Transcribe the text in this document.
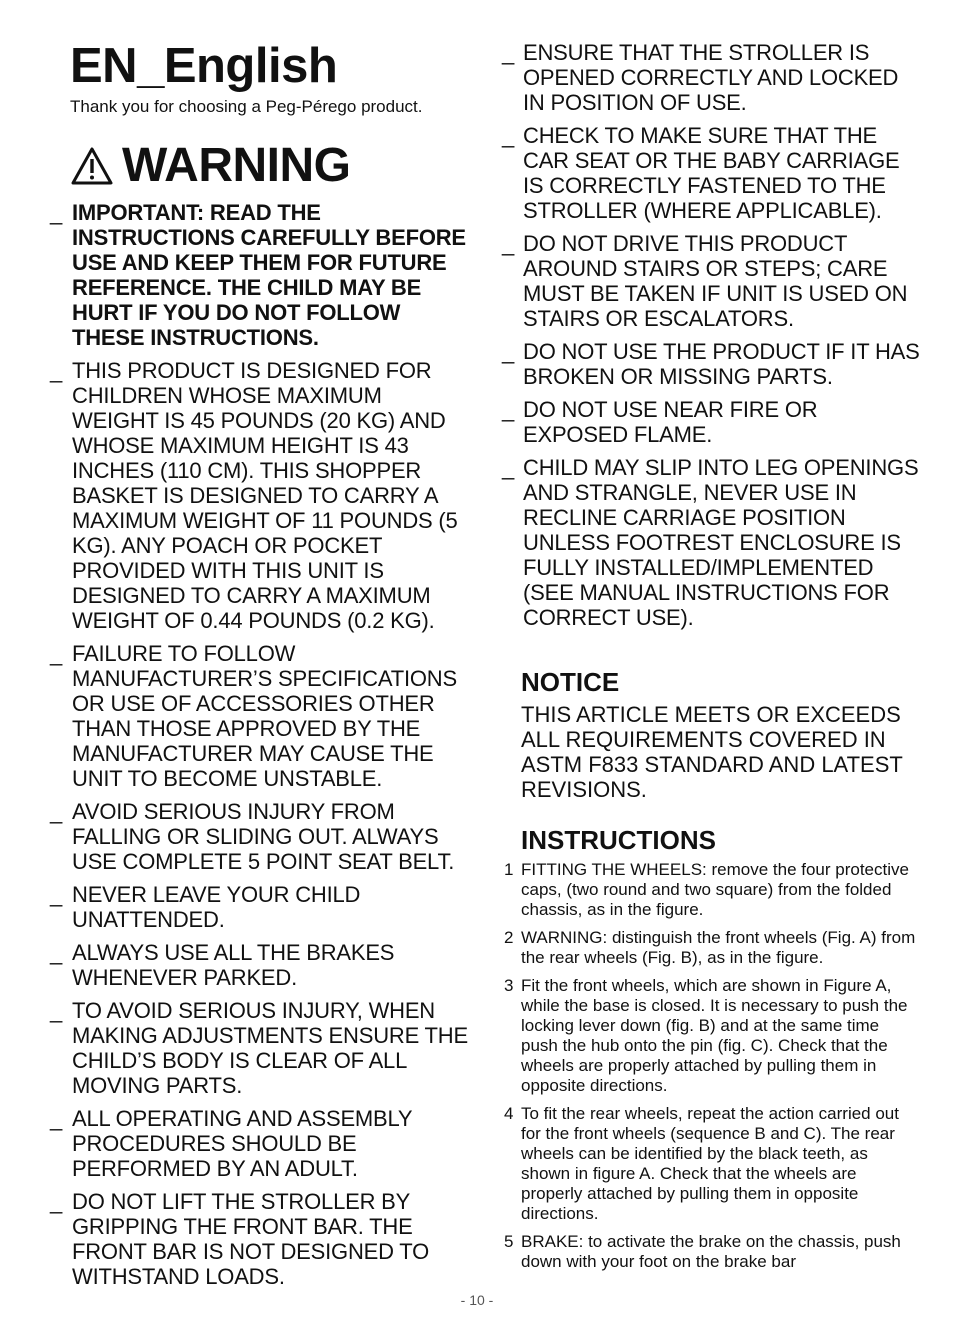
EN_English

Thank you for choosing a Peg-Pérego product.

WARNING
_ IMPORTANT: READ THE INSTRUCTIONS CAREFULLY BEFORE USE AND KEEP THEM FOR FUTURE REFERENCE. THE CHILD MAY BE HURT IF YOU DO NOT FOLLOW THESE INSTRUCTIONS.
_ THIS PRODUCT IS DESIGNED FOR CHILDREN WHOSE MAXIMUM WEIGHT IS 45 POUNDS (20 KG) AND WHOSE MAXIMUM HEIGHT IS 43 INCHES (110 CM). THIS SHOPPER BASKET IS DESIGNED TO CARRY A MAXIMUM WEIGHT OF 11 POUNDS (5 KG). ANY POACH OR POCKET PROVIDED WITH THIS UNIT IS DESIGNED TO CARRY A MAXIMUM WEIGHT OF 0.44 POUNDS (0.2 KG).
_ FAILURE TO FOLLOW MANUFACTURER’S SPECIFICATIONS OR USE OF ACCESSORIES OTHER THAN THOSE APPROVED BY THE MANUFACTURER MAY CAUSE THE UNIT TO BECOME UNSTABLE.
_ AVOID SERIOUS INJURY FROM FALLING OR SLIDING OUT. ALWAYS USE COMPLETE 5 POINT SEAT BELT.
_ NEVER LEAVE YOUR CHILD UNATTENDED.
_ ALWAYS USE ALL THE BRAKES WHENEVER PARKED.
_ TO AVOID SERIOUS INJURY, WHEN MAKING ADJUSTMENTS ENSURE THE CHILD’S BODY IS CLEAR OF ALL MOVING PARTS.
_ ALL OPERATING AND ASSEMBLY PROCEDURES SHOULD BE PERFORMED BY AN ADULT.
_ DO NOT LIFT THE STROLLER BY GRIPPING THE FRONT BAR. THE FRONT BAR IS NOT DESIGNED TO WITHSTAND LOADS.
_ ENSURE THAT THE STROLLER IS OPENED CORRECTLY AND LOCKED IN POSITION OF USE.
_ CHECK TO MAKE SURE THAT THE CAR SEAT OR THE BABY CARRIAGE IS CORRECTLY FASTENED TO THE STROLLER (WHERE APPLICABLE).
_ DO NOT DRIVE THIS PRODUCT AROUND STAIRS OR STEPS; CARE MUST BE TAKEN IF UNIT IS USED ON STAIRS OR ESCALATORS.
_ DO NOT USE THE PRODUCT IF IT HAS BROKEN OR MISSING PARTS.
_ DO NOT USE NEAR FIRE OR EXPOSED FLAME.
_ CHILD MAY SLIP INTO LEG OPENINGS AND STRANGLE, NEVER USE IN RECLINE CARRIAGE POSITION UNLESS FOOTREST ENCLOSURE IS FULLY INSTALLED/IMPLEMENTED (SEE MANUAL INSTRUCTIONS FOR CORRECT USE).
NOTICE

THIS ARTICLE MEETS OR EXCEEDS ALL REQUIREMENTS COVERED IN ASTM F833 STANDARD AND LATEST REVISIONS.

INSTRUCTIONS
1 FITTING THE WHEELS: remove the four protective caps, (two round and two square) from the folded chassis, as in the figure.
2 WARNING: distinguish the front wheels (Fig. A) from the rear wheels (Fig. B), as in the figure.
3 Fit the front wheels, which are shown in Figure A, while the base is closed. It is necessary to push the locking lever down (fig. B) and at the same time push the hub onto the pin (fig. C). Check that the wheels are properly attached by pulling them in opposite directions.
4 To fit the rear wheels, repeat the action carried out for the front wheels (sequence B and C). The rear wheels can be identified by the black teeth, as shown in figure A. Check that the wheels are properly attached by pulling them in opposite directions.
5 BRAKE: to activate the brake on the chassis, push down with your foot on the brake bar
- 10 -
